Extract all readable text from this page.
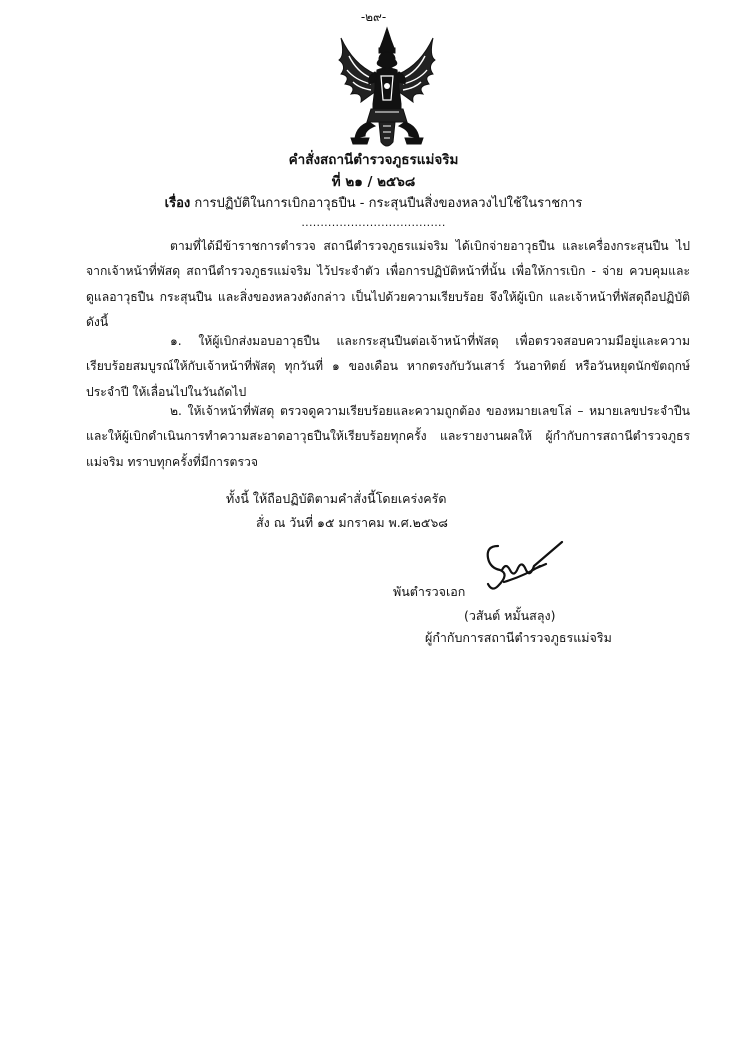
-๒๙-
คำสั่งสถานีตำรวจภูธรแม่จริม
ที่ ๒๑ / ๒๕๖๘
เรื่อง การปฏิบัติในการเบิกอาวุธปืน - กระสุนปืนสิ่งของหลวงไปใช้ในราชการ
......................................
ตามที่ได้มีข้าราชการตำรวจ สถานีตำรวจภูธรแม่จริม ได้เบิกจ่ายอาวุธปืน และเครื่องกระสุนปืน ไปจากเจ้าหน้าที่พัสดุ สถานีตำรวจภูธรแม่จริม ไว้ประจำตัว เพื่อการปฏิบัติหน้าที่นั้น เพื่อให้การเบิก - จ่าย ควบคุมและดูแลอาวุธปืน กระสุนปืน และสิ่งของหลวงดังกล่าว เป็นไปด้วยความเรียบร้อย จึงให้ผู้เบิก และเจ้าหน้าที่พัสดุถือปฏิบัติ ดังนี้
๑. ให้ผู้เบิกส่งมอบอาวุธปืน และกระสุนปืนต่อเจ้าหน้าที่พัสดุ เพื่อตรวจสอบความมีอยู่และความเรียบร้อยสมบูรณ์ให้กับเจ้าหน้าที่พัสดุ ทุกวันที่ ๑ ของเดือน หากตรงกับวันเสาร์ วันอาทิตย์ หรือวันหยุดนักขัตฤกษ์ประจำปี ให้เลื่อนไปในวันถัดไป
๒. ให้เจ้าหน้าที่พัสดุ ตรวจดูความเรียบร้อยและความถูกต้อง ของหมายเลขโล่ – หมายเลขประจำปืน และให้ผู้เบิกดำเนินการทำความสะอาดอาวุธปืนให้เรียบร้อยทุกครั้ง และรายงานผลให้ ผู้กำกับการสถานีตำรวจภูธรแม่จริม ทราบทุกครั้งที่มีการตรวจ
ทั้งนี้ ให้ถือปฏิบัติตามคำสั่งนี้โดยเคร่งครัด
สั่ง ณ วันที่ ๑๕ มกราคม พ.ศ.๒๕๖๘
พันตำรวจเอก
(วสันต์ หมั้นสลุง)
ผู้กำกับการสถานีตำรวจภูธรแม่จริม
